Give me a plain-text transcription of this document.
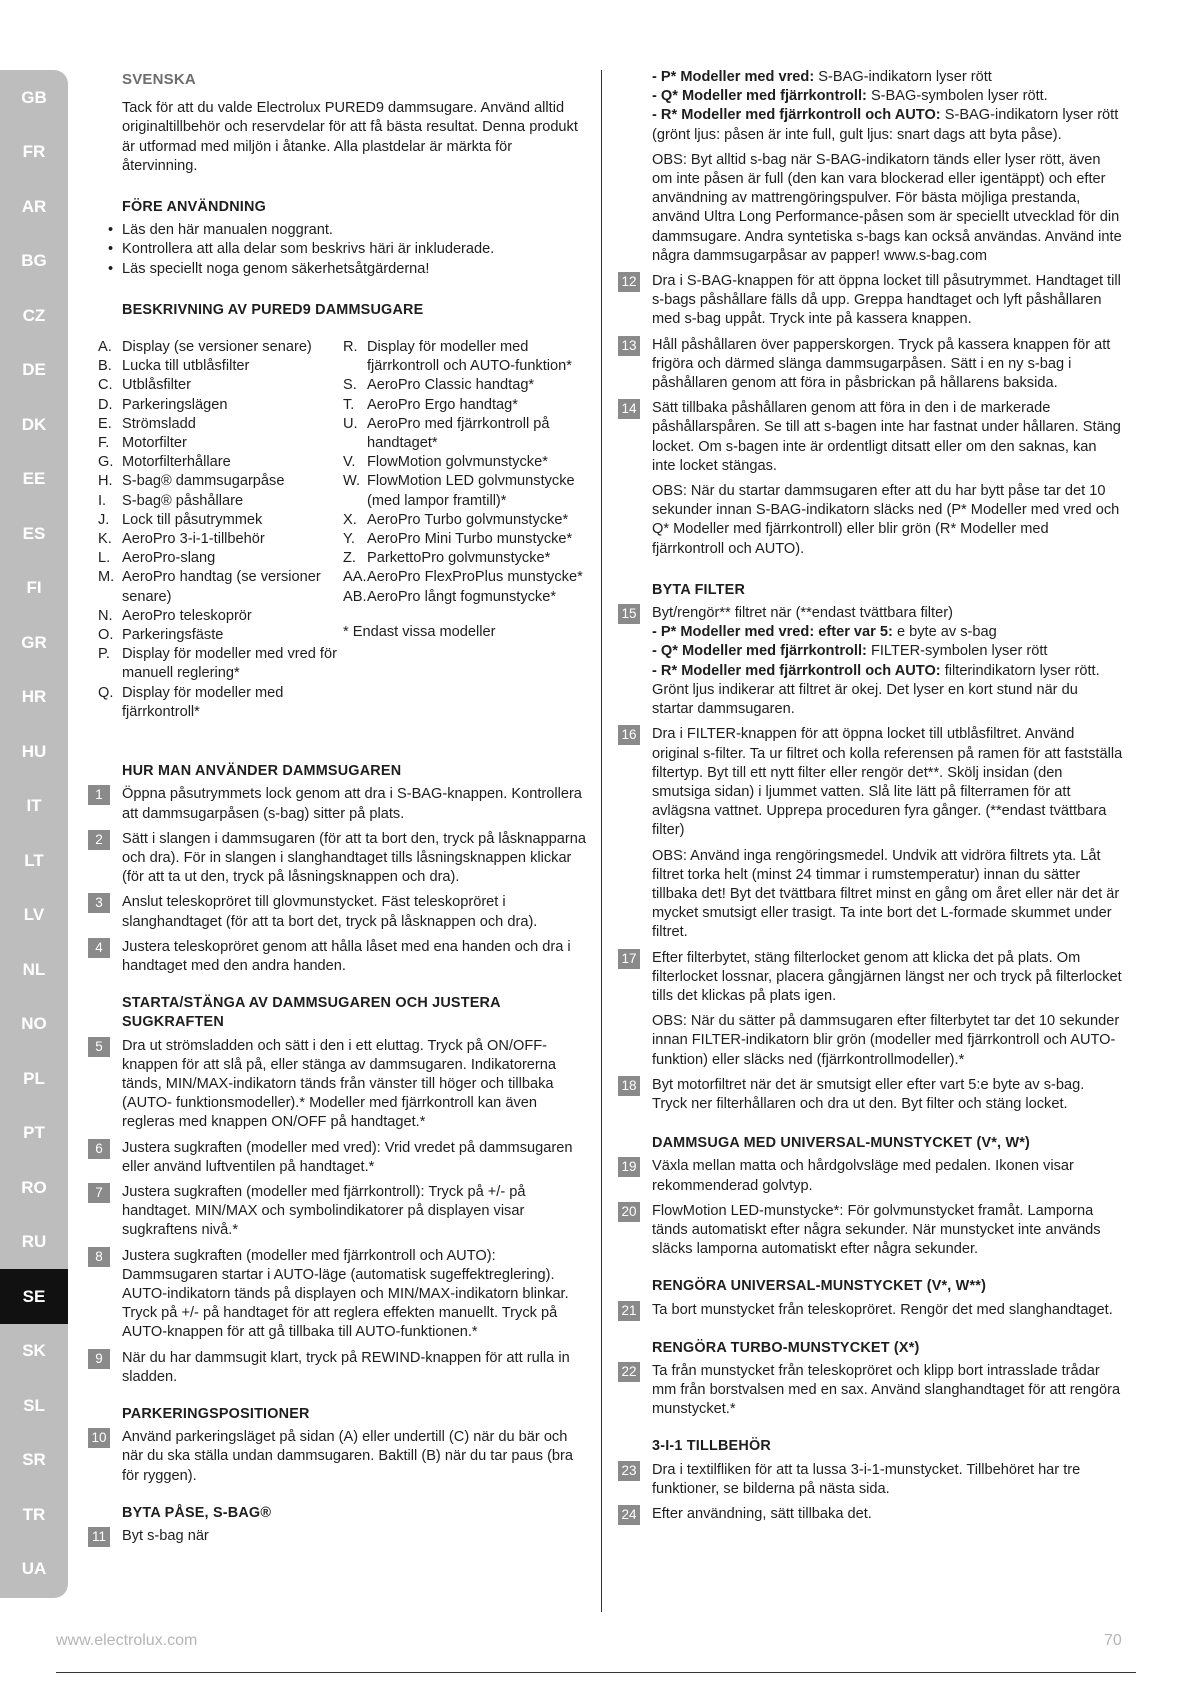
GB
FR
AR
BG
CZ
DE
DK
EE
ES
FI
GR
HR
HU
IT
LT
LV
NL
NO
PL
PT
RO
RU
SE
SK
SL
SR
TR
UA
SVENSKA

Tack för att du valde Electrolux PURED9 dammsugare. Använd alltid originaltillbehör och reservdelar för att få bästa resultat. Denna produkt är utformad med miljön i åtanke. Alla plastdelar är märkta för återvinning.

FÖRE ANVÄNDNING
• Läs den här manualen noggrant.
• Kontrollera att alla delar som beskrivs häri är inkluderade.
• Läs speciellt noga genom säkerhetsåtgärderna!
BESKRIVNING AV PURED9 DAMMSUGARE
A. Display (se versioner senare)
B. Lucka till utblåsfilter
C. Utblåsfilter
D. Parkeringslägen
E. Strömsladd
F. Motorfilter
G. Motorfilterhållare
H. S-bag® dammsugarpåse
I.	S-bag® påshållare
J. Lock till påsutrymmek
K. AeroPro 3-i-1-tillbehör
L. AeroPro-slang
M. AeroPro handtag (se versioner senare)
N. AeroPro teleskoprör
O. Parkeringsfäste
P. Display för modeller med vred för manuell reglering*
Q. Display för modeller med fjärrkontroll*
R. Display för modeller med fjärrkontroll och AUTO-funktion*
S. AeroPro Classic handtag*
T. AeroPro Ergo handtag*
U. AeroPro med fjärrkontroll på handtaget*
V. FlowMotion golvmunstycke*
W. FlowMotion LED golvmunstycke (med lampor framtill)*
X. AeroPro Turbo golvmunstycke*
Y. AeroPro Mini Turbo munstycke*
Z. ParkettoPro golvmunstycke*
AA. AeroPro FlexProPlus munstycke*
AB. AeroPro långt fogmunstycke*
* Endast vissa modeller
HUR MAN ANVÄNDER DAMMSUGAREN
1	Öppna påsutrymmets lock genom att dra i S-BAG-knappen. Kontrollera att dammsugarpåsen (s-bag) sitter på plats.
2	Sätt i slangen i dammsugaren (för att ta bort den, tryck på låsknapparna och dra). För in slangen i slanghandtaget tills låsningsknappen klickar (för att ta ut den, tryck på låsningsknappen och dra).
3	Anslut teleskopröret till glovmunstycket. Fäst teleskopröret i slanghandtaget (för att ta bort det, tryck på låsknappen och dra).
4	Justera teleskopröret genom att hålla låset med ena handen och dra i handtaget med den andra handen.
STARTA/STÄNGA AV DAMMSUGAREN OCH JUSTERA SUGKRAFTEN
5	Dra ut strömsladden och sätt i den i ett eluttag. Tryck på ON/OFF-knappen för att slå på, eller stänga av dammsugaren. Indikatorerna tänds, MIN/MAX-indikatorn tänds från vänster till höger och tillbaka (AUTO- funktionsmodeller).* Modeller med fjärrkontroll kan även regleras med knappen ON/OFF på handtaget.*
6	Justera sugkraften (modeller med vred): Vrid vredet på dammsugaren eller använd luftventilen på handtaget.*
7	Justera sugkraften (modeller med fjärrkontroll): Tryck på +/- på handtaget. MIN/MAX och symbolindikatorer på displayen visar sugkraftens nivå.*
8	Justera sugkraften (modeller med fjärrkontroll och AUTO): Dammsugaren startar i AUTO-läge (automatisk sugeffektreglering). AUTO-indikatorn tänds på displayen och MIN/MAX-indikatorn blinkar. Tryck på +/- på handtaget för att reglera effekten manuellt. Tryck på AUTO-knappen för att gå tillbaka till AUTO-funktionen.*
9	När du har dammsugit klart, tryck på REWIND-knappen för att rulla in sladden.
PARKERINGSPOSITIONER
10 Använd parkeringsläget på sidan (A) eller undertill (C) när du bär och när du ska ställa undan dammsugaren. Baktill (B) när du tar paus (bra för ryggen).
BYTA PÅSE, S-BAG®
11 Byt s-bag när
- P* Modeller med vred: S-BAG-indikatorn lyser rött
- Q* Modeller med fjärrkontroll: S-BAG-symbolen lyser rött.
- R* Modeller med fjärrkontroll och AUTO: S-BAG-indikatorn lyser rött (grönt ljus: påsen är inte full, gult ljus: snart dags att byta påse).
OBS: Byt alltid s-bag när S-BAG-indikatorn tänds eller lyser rött, även om inte påsen är full (den kan vara blockerad eller igentäppt) och efter användning av mattrengöringspulver. För bästa möjliga prestanda, använd Ultra Long Performance-påsen som är speciellt utvecklad för din dammsugare. Andra syntetiska s-bags kan också användas. Använd inte några dammsugarpåsar av papper! www.s-bag.com
12 Dra i S-BAG-knappen för att öppna locket till påsutrymmet. Handtaget till s-bags påshållare fälls då upp. Greppa handtaget och lyft påshållaren med s-bag uppåt. Tryck inte på kassera knappen.
13 Håll påshållaren över papperskorgen. Tryck på kassera knappen för att frigöra och därmed slänga dammsugarpåsen. Sätt i en ny s-bag i påshållaren genom att föra in påsbrickan på hållarens baksida.
14 Sätt tillbaka påshållaren genom att föra in den i de markerade påshållarspåren. Se till att s-bagen inte har fastnat under hållaren. Stäng locket. Om s-bagen inte är ordentligt ditsatt eller om den saknas, kan inte locket stängas.
OBS: När du startar dammsugaren efter att du har bytt påse tar det 10 sekunder innan S-BAG-indikatorn släcks ned (P* Modeller med vred och Q* Modeller med fjärrkontroll) eller blir grön (R* Modeller med fjärrkontroll och AUTO).
BYTA FILTER
15 Byt/rengör** filtret när (**endast tvättbara filter)
- P* Modeller med vred: efter var 5: e byte av s-bag
- Q* Modeller med fjärrkontroll: FILTER-symbolen lyser rött
- R* Modeller med fjärrkontroll och AUTO: filterindikatorn lyser rött. Grönt ljus indikerar att filtret är okej. Det lyser en kort stund när du startar dammsugaren.
16 Dra i FILTER-knappen för att öppna locket till utblåsfiltret. Använd original s-filter. Ta ur filtret och kolla referensen på ramen för att fastställa filtertyp. Byt till ett nytt filter eller rengör det**. Skölj insidan (den smutsiga sidan) i ljummet vatten. Slå lite lätt på filterramen för att avlägsna vattnet. Upprepa proceduren fyra gånger. (**endast tvättbara filter)
OBS: Använd inga rengöringsmedel. Undvik att vidröra filtrets yta. Låt filtret torka helt (minst 24 timmar i rumstemperatur) innan du sätter tillbaka det! Byt det tvättbara filtret minst en gång om året eller när det är mycket smutsigt eller trasigt. Ta inte bort det L-formade skummet under filtret.
17 Efter filterbytet, stäng filterlocket genom att klicka det på plats. Om filterlocket lossnar, placera gångjärnen längst ner och tryck på filterlocket tills det klickas på plats igen.
OBS: När du sätter på dammsugaren efter filterbytet tar det 10 sekunder innan FILTER-indikatorn blir grön (modeller med fjärrkontroll och AUTO-funktion) eller släcks ned (fjärrkontrollmodeller).*
18 Byt motorfiltret när det är smutsigt eller efter vart 5:e byte av s-bag. Tryck ner filterhållaren och dra ut den. Byt filter och stäng locket.
DAMMSUGA MED UNIVERSAL-MUNSTYCKET (V*, W*)
19 Växla mellan matta och hårdgolvsläge med pedalen. Ikonen visar rekommenderad golvtyp.
20 FlowMotion LED-munstycke*: För golvmunstycket framåt. Lamporna tänds automatiskt efter några sekunder. När munstycket inte används släcks lamporna automatiskt efter några sekunder.
RENGÖRA UNIVERSAL-MUNSTYCKET (V*, W**)
21 Ta bort munstycket från teleskopröret. Rengör det med slanghandtaget.
RENGÖRA TURBO-MUNSTYCKET (X*)
22 Ta från munstycket från teleskopröret och klipp bort intrasslade trådar mm från borstvalsen med en sax. Använd slanghandtaget för att rengöra munstycket.*
3-I-1 TILLBEHÖR
23 Dra i textilfliken för att ta lussa 3-i-1-munstycket. Tillbehöret har tre funktioner, se bilderna på nästa sida.
24 Efter användning, sätt tillbaka det.
www.electrolux.com	70
